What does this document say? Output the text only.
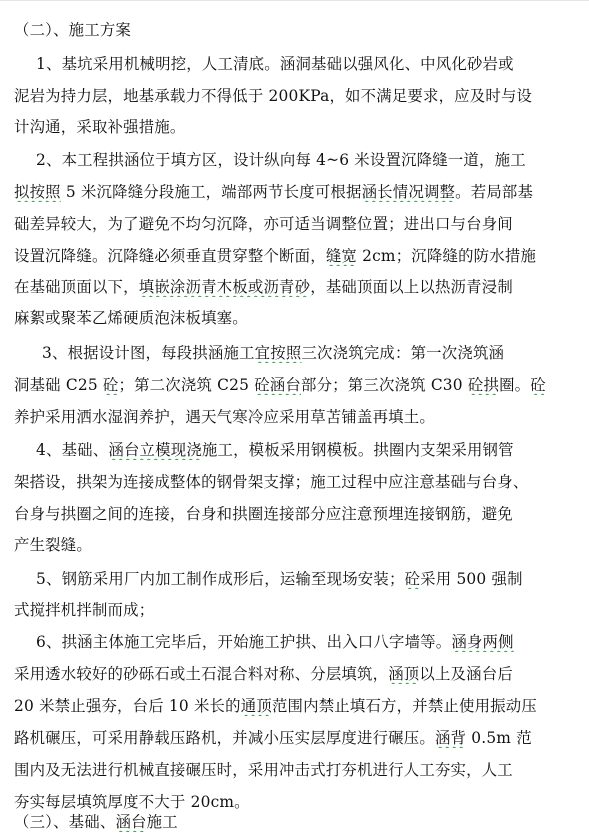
（二）、施工方案
1、基坑采用机械明挖，人工清底。涵洞基础以强风化、中风化砂岩或
泥岩为持力层，地基承载力不得低于 200KPa，如不满足要求，应及时与设
计沟通，采取补强措施。
2、本工程拱涵位于填方区，设计纵向每 4~6 米设置沉降缝一道，施工
拟按照 5 米沉降缝分段施工，端部两节长度可根据涵长情况调整。若局部基
础差异较大，为了避免不均匀沉降，亦可适当调整位置；进出口与台身间
设置沉降缝。沉降缝必须垂直贯穿整个断面，缝宽 2cm；沉降缝的防水措施
在基础顶面以下，填嵌涂沥青木板或沥青砂，基础顶面以上以热沥青浸制
麻絮或聚苯乙烯硬质泡沫板填塞。
3、根据设计图，每段拱涵施工宜按照三次浇筑完成：第一次浇筑涵
洞基础 C25 砼；第二次浇筑 C25 砼涵台部分；第三次浇筑 C30 砼拱圈。砼
养护采用洒水湿润养护，遇天气寒冷应采用草苫铺盖再填土。
4、基础、涵台立模现浇施工，模板采用钢模板。拱圈内支架采用钢管
架搭设，拱架为连接成整体的钢骨架支撑；施工过程中应注意基础与台身、
台身与拱圈之间的连接，台身和拱圈连接部分应注意预埋连接钢筋，避免
产生裂缝。
5、钢筋采用厂内加工制作成形后，运输至现场安装；砼采用 500 强制
式搅拌机拌制而成；
6、拱涵主体施工完毕后，开始施工护拱、出入口八字墙等。涵身两侧
采用透水较好的砂砾石或土石混合料对称、分层填筑，涵顶以上及涵台后
20 米禁止强夯，台后 10 米长的通顶范围内禁止填石方，并禁止使用振动压
路机碾压，可采用静载压路机，并减小压实层厚度进行碾压。涵背 0.5m 范
围内及无法进行机械直接碾压时，采用冲击式打夯机进行人工夯实，人工
夯实每层填筑厚度不大于 20cm。
（三）、基础、涵台施工
